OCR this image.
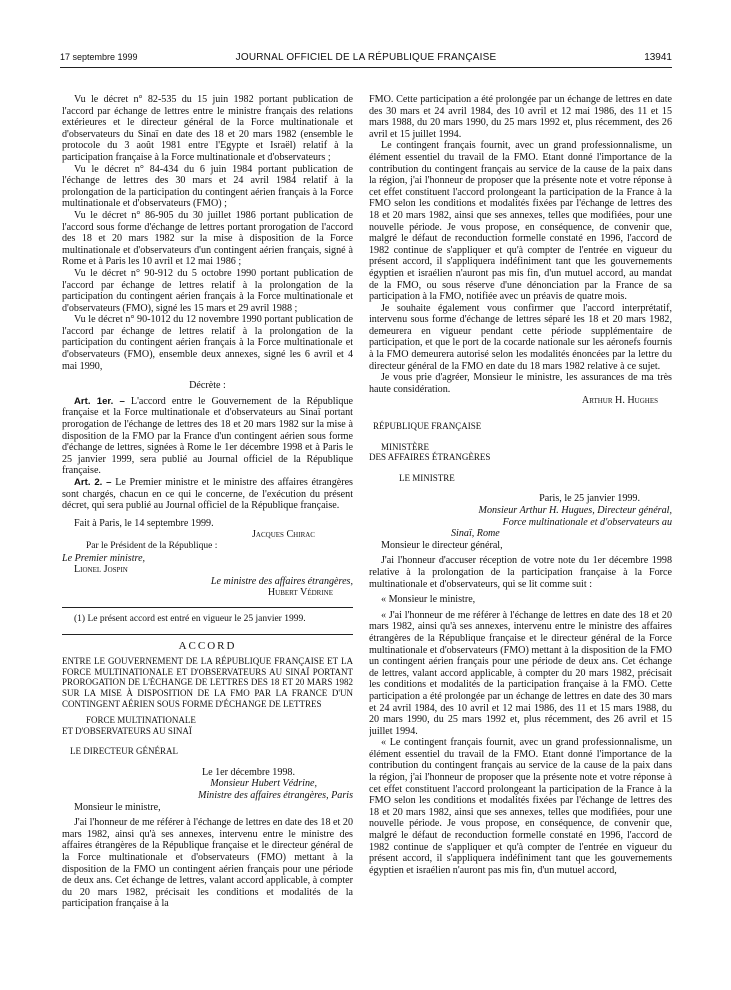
17 septembre 1999	JOURNAL OFFICIEL DE LA RÉPUBLIQUE FRANÇAISE	13941

Vu le décret n° 82-535 du 15 juin 1982 portant publication de l'accord par échange de lettres entre le ministre français des relations extérieures et le directeur général de la Force multinationale et d'observateurs du Sinaï en date des 18 et 20 mars 1982 (ensemble le protocole du 3 août 1981 entre l'Egypte et Israël) relatif à la participation française à la Force multinationale et d'observateurs ;

Vu le décret n° 84-434 du 6 juin 1984 portant publication de l'échange de lettres des 30 mars et 24 avril 1984 relatif à la prolongation de la participation du contingent aérien français à la Force multinationale et d'observateurs (FMO) ;

Vu le décret n° 86-905 du 30 juillet 1986 portant publication de l'accord sous forme d'échange de lettres portant prorogation de l'accord des 18 et 20 mars 1982 sur la mise à disposition de la Force multinationale et d'observateurs d'un contingent aérien français, signé à Rome et à Paris les 10 avril et 12 mai 1986 ;

Vu le décret n° 90-912 du 5 octobre 1990 portant publication de l'accord par échange de lettres relatif à la prolongation de la participation du contingent aérien français à la Force multinationale et d'observateurs (FMO), signé les 15 mars et 29 avril 1988 ;

Vu le décret n° 90-1012 du 12 novembre 1990 portant publication de l'accord par échange de lettres relatif à la prolongation de la participation du contingent aérien français à la Force multinationale et d'observateurs (FMO), ensemble deux annexes, signé les 6 avril et 4 mai 1990,

Décrète :

Art. 1er. – L'accord entre le Gouvernement de la République française et la Force multinationale et d'observateurs au Sinaï portant prorogation de l'échange de lettres des 18 et 20 mars 1982 sur la mise à disposition de la FMO par la France d'un contingent aérien sous forme d'échange de lettres, signées à Rome le 1er décembre 1998 et à Paris le 25 janvier 1999, sera publié au Journal officiel de la République française.

Art. 2. – Le Premier ministre et le ministre des affaires étrangères sont chargés, chacun en ce qui le concerne, de l'exécution du présent décret, qui sera publié au Journal officiel de la République française.

Fait à Paris, le 14 septembre 1999.

Jacques Chirac

Par le Président de la République :

Le Premier ministre,

Lionel Jospin

Le ministre des affaires étrangères,

Hubert Védrine

(1) Le présent accord est entré en vigueur le 25 janvier 1999.

ACCORD

ENTRE LE GOUVERNEMENT DE LA RÉPUBLIQUE FRANÇAISE ET LA FORCE MULTINATIONALE ET D'OBSERVATEURS AU SINAÏ PORTANT PROROGATION DE L'ÉCHANGE DE LETTRES DES 18 ET 20 MARS 1982 SUR LA MISE À DISPOSITION DE LA FMO PAR LA FRANCE D'UN CONTINGENT AÉRIEN SOUS FORME D'ÉCHANGE DE LETTRES

FORCE MULTINATIONALE

ET D'OBSERVATEURS AU SINAÏ

LE DIRECTEUR GÉNÉRAL

Le 1er décembre 1998.

Monsieur Hubert Védrine,

Ministre des affaires étrangères, Paris

Monsieur le ministre,

J'ai l'honneur de me référer à l'échange de lettres en date des 18 et 20 mars 1982, ainsi qu'à ses annexes, intervenu entre le ministre des affaires étrangères de la République française et le directeur général de la Force multinationale et d'observateurs (FMO) mettant à la disposition de la FMO un contingent aérien français pour une période de deux ans. Cet échange de lettres, valant accord applicable, à compter du 20 mars 1982, précisait les conditions et modalités de la participation française à la

FMO. Cette participation a été prolongée par un échange de lettres en date des 30 mars et 24 avril 1984, des 10 avril et 12 mai 1986, des 11 et 15 mars 1988, du 20 mars 1990, du 25 mars 1992 et, plus récemment, des 26 avril et 15 juillet 1994.

Le contingent français fournit, avec un grand professionnalisme, un élément essentiel du travail de la FMO. Etant donné l'importance de la contribution du contingent français au service de la cause de la paix dans la région, j'ai l'honneur de proposer que la présente note et votre réponse à cet effet constituent l'accord prolongeant la participation de la France à la FMO selon les conditions et modalités fixées par l'échange de lettres des 18 et 20 mars 1982, ainsi que ses annexes, telles que modifiées, pour une nouvelle période. Je vous propose, en conséquence, de convenir que, malgré le défaut de reconduction formelle constaté en 1996, l'accord de 1982 continue de s'appliquer et qu'à compter de l'entrée en vigueur du présent accord, il s'appliquera indéfiniment tant que les gouvernements égyptien et israélien n'auront pas mis fin, d'un mutuel accord, au mandat de la FMO, ou sous réserve d'une dénonciation par la France de sa participation à la FMO, notifiée avec un préavis de quatre mois.

Je souhaite également vous confirmer que l'accord interprétatif, intervenu sous forme d'échange de lettres séparé les 18 et 20 mars 1982, demeurera en vigueur pendant cette période supplémentaire de participation, et que le port de la cocarde nationale sur les aéronefs fournis à la FMO demeurera autorisé selon les modalités énoncées par la lettre du directeur général de la FMO en date du 18 mars 1982 relative à ce sujet.

Je vous prie d'agréer, Monsieur le ministre, les assurances de ma très haute considération.

Arthur H. Hughes

RÉPUBLIQUE FRANÇAISE

MINISTÈRE

DES AFFAIRES ÉTRANGÈRES

LE MINISTRE

Paris, le 25 janvier 1999.

Monsieur Arthur H. Hugues, Directeur général,

Force multinationale et d'observateurs au

Sinaï, Rome

Monsieur le directeur général,

J'ai l'honneur d'accuser réception de votre note du 1er décembre 1998 relative à la prolongation de la participation française à la Force multinationale et d'observateurs, qui se lit comme suit :

« Monsieur le ministre,

« J'ai l'honneur de me référer à l'échange de lettres en date des 18 et 20 mars 1982, ainsi qu'à ses annexes, intervenu entre le ministre des affaires étrangères de la République française et le directeur général de la Force multinationale et d'observateurs (FMO) mettant à la disposition de la FMO un contingent aérien français pour une période de deux ans. Cet échange de lettres, valant accord applicable, à compter du 20 mars 1982, précisait les conditions et modalités de la participation française à la FMO. Cette participation a été prolongée par un échange de lettres en date des 30 mars et 24 avril 1984, des 10 avril et 12 mai 1986, des 11 et 15 mars 1988, du 20 mars 1990, du 25 mars 1992 et, plus récemment, des 26 avril et 15 juillet 1994.

« Le contingent français fournit, avec un grand professionnalisme, un élément essentiel du travail de la FMO. Etant donné l'importance de la contribution du contingent français au service de la cause de la paix dans la région, j'ai l'honneur de proposer que la présente note et votre réponse à cet effet constituent l'accord prolongeant la participation de la France à la FMO selon les conditions et modalités fixées par l'échange de lettres des 18 et 20 mars 1982, ainsi que ses annexes, telles que modifiées, pour une nouvelle période. Je vous propose, en conséquence, de convenir que, malgré le défaut de reconduction formelle constaté en 1996, l'accord de 1982 continue de s'appliquer et qu'à compter de l'entrée en vigueur du présent accord, il s'appliquera indéfiniment tant que les gouvernements égyptien et israélien n'auront pas mis fin, d'un mutuel accord,
